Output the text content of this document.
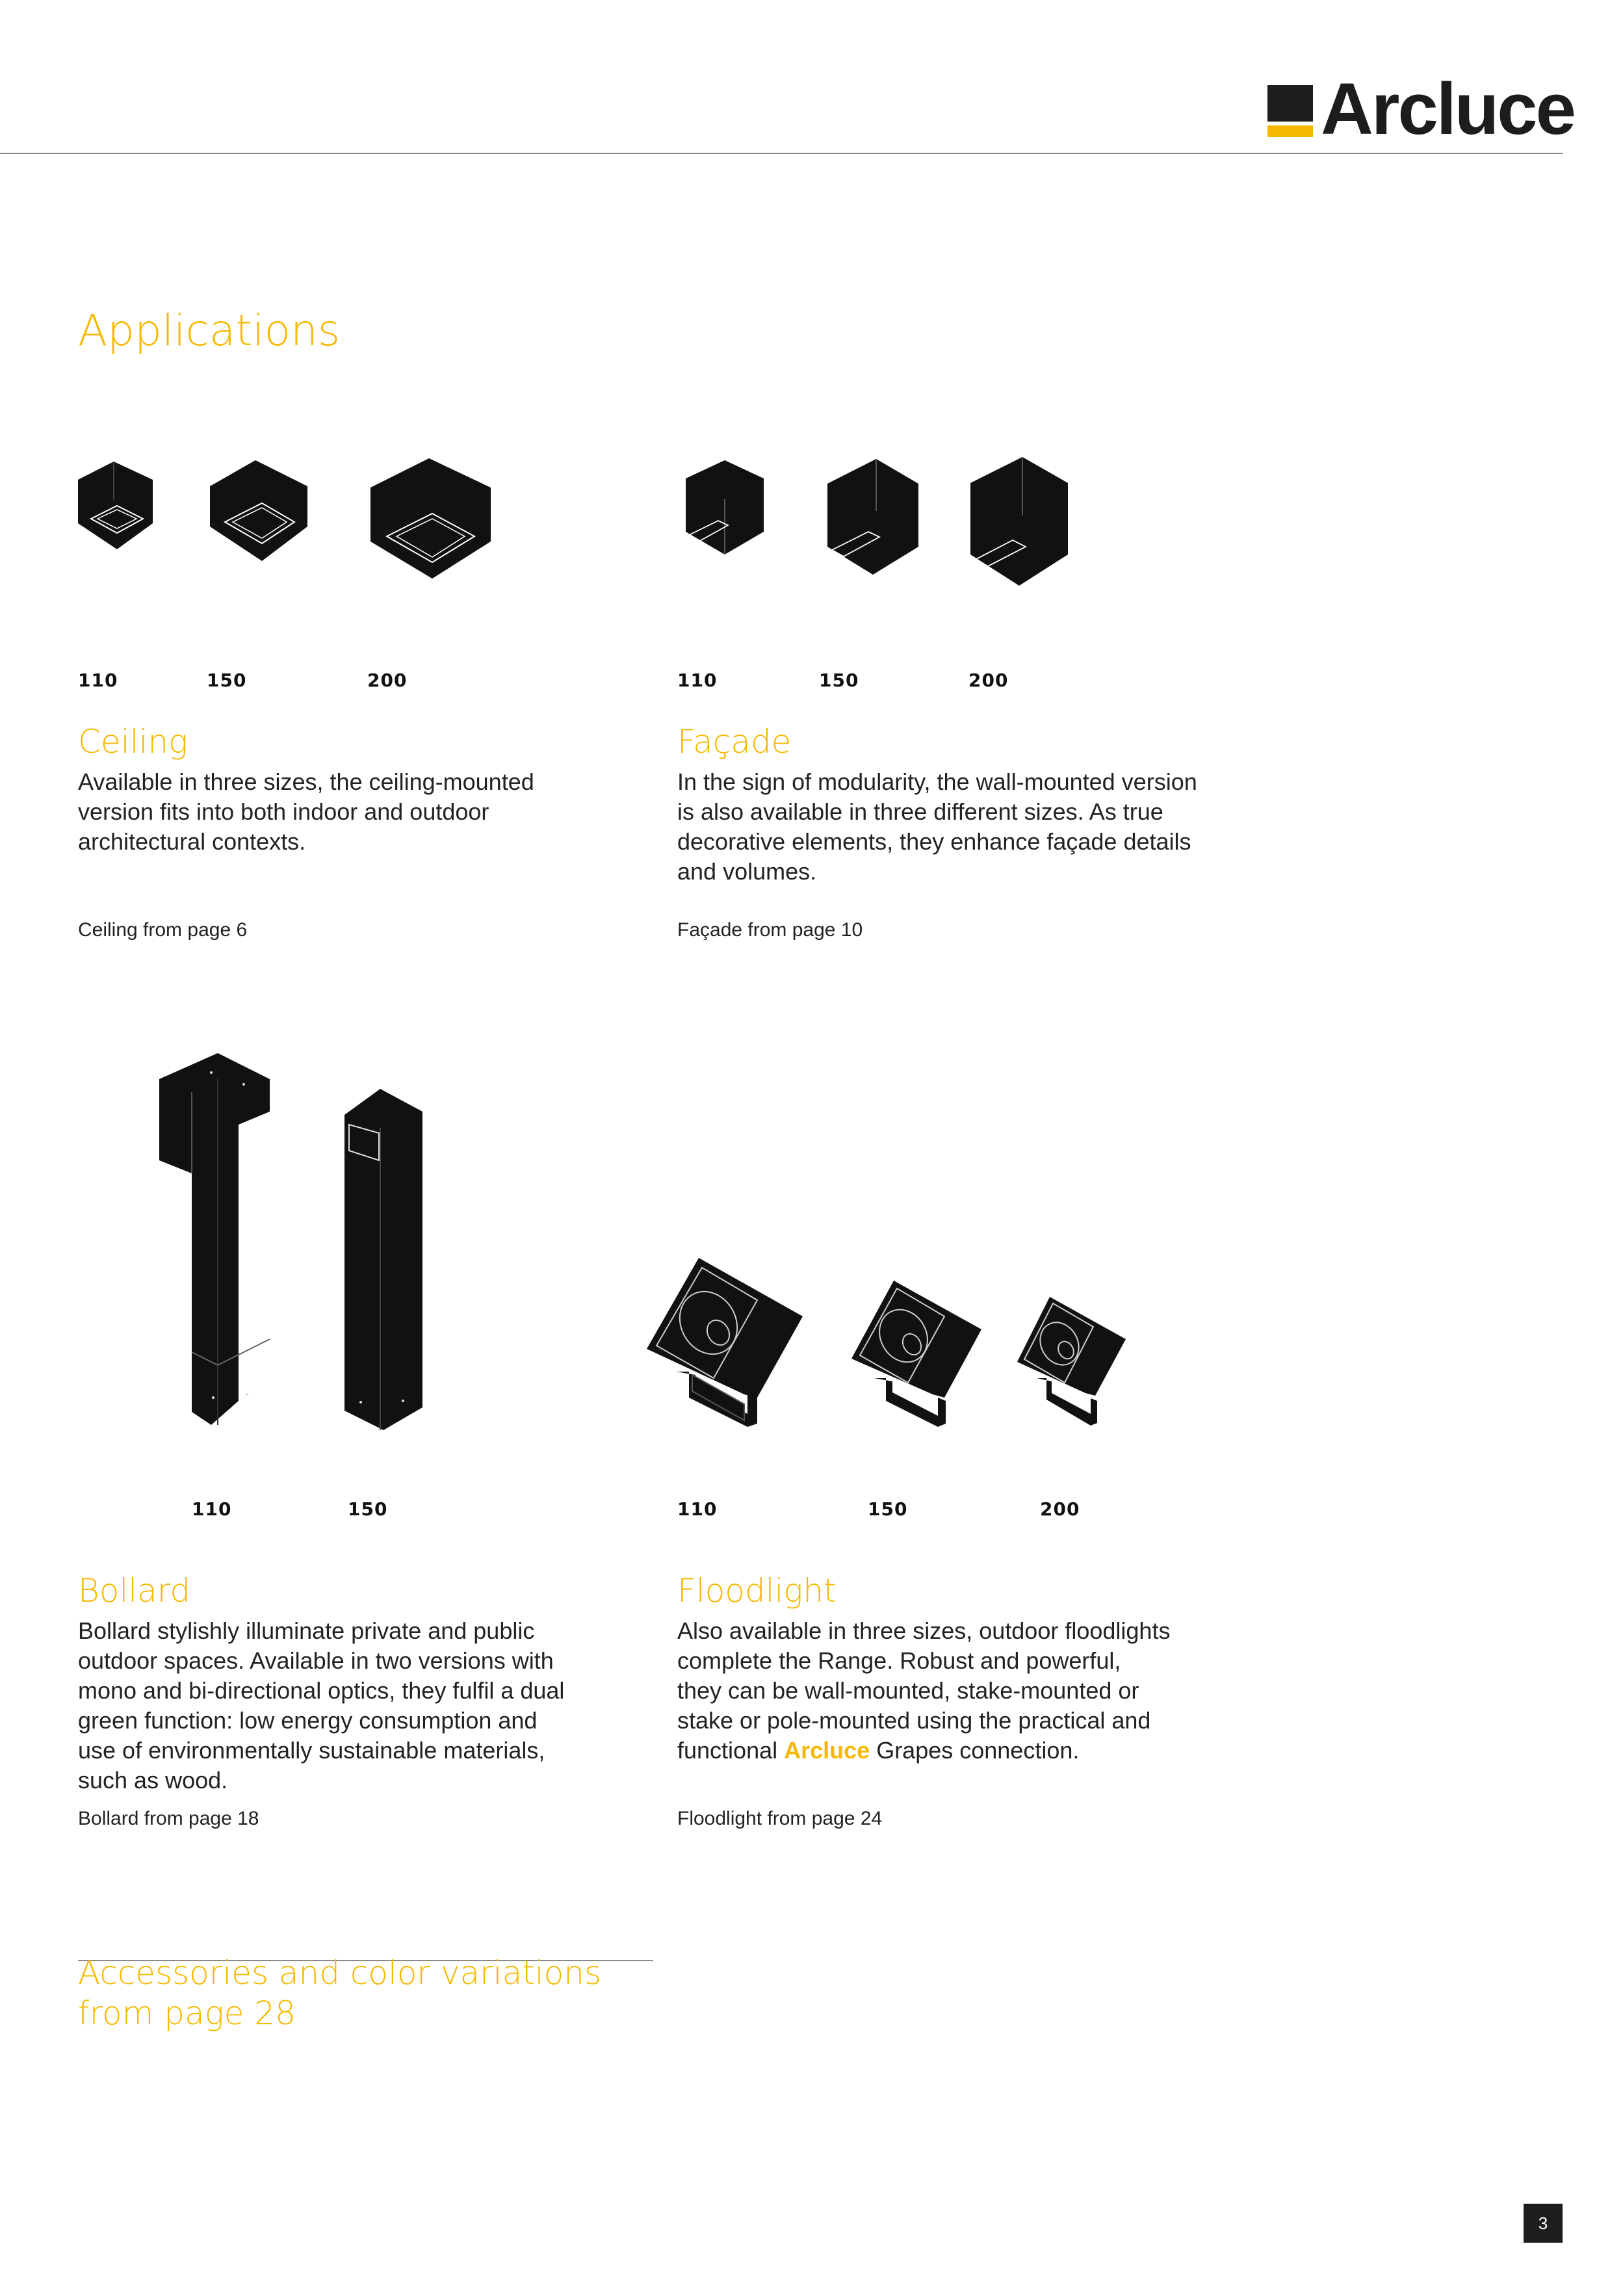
Arcluce
Applications
110	150	200
Ceiling
Available in three sizes, the ceiling-mounted
version fits into both indoor and outdoor
architectural contexts.
Ceiling from page 6
110	150	200
Façade
In the sign of modularity, the wall-mounted version
is also available in three different sizes. As true
decorative elements, they enhance façade details
and volumes.
Façade from page 10
110	150
Bollard
Bollard stylishly illuminate private and public
outdoor spaces. Available in two versions with
mono and bi-directional optics, they fulfil a dual
green function: low energy consumption and
use of environmentally sustainable materials,
such as wood.
Bollard from page 18
110	150	200
Floodlight
Also available in three sizes, outdoor floodlights
complete the Range. Robust and powerful,
they can be wall-mounted, stake-mounted or
stake or pole-mounted using the practical and
functional Arcluce Grapes connection.
Floodlight from page 24
Accessories and color variations
from page 28
3
